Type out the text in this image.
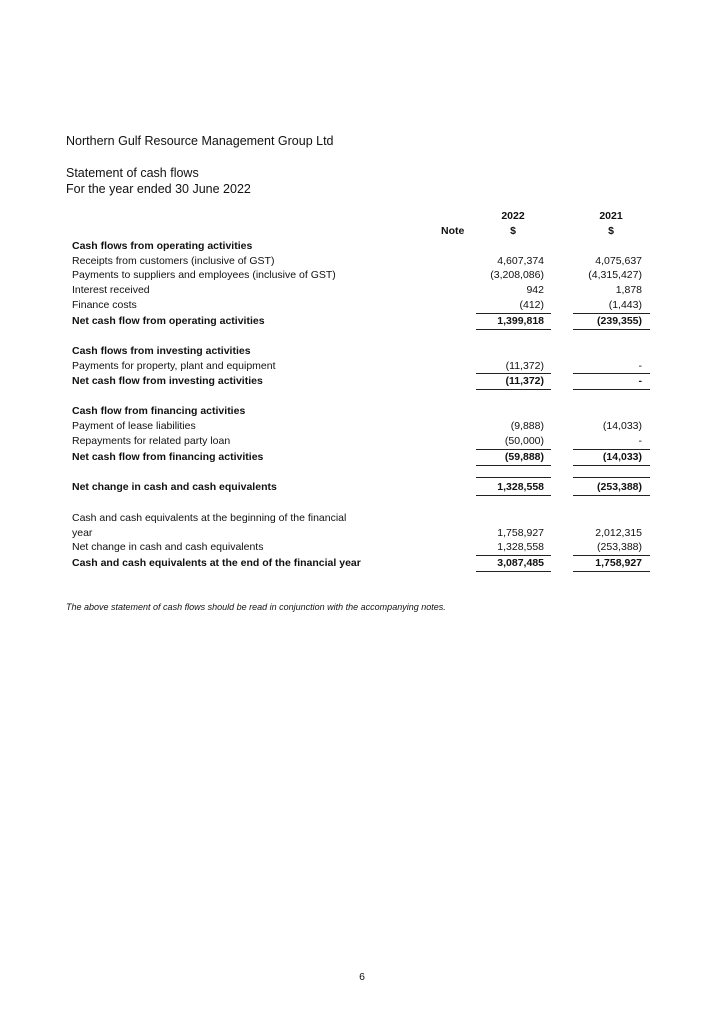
Northern Gulf Resource Management Group Ltd
Statement of cash flows
For the year ended 30 June 2022
2022	2021
Note	$	$
Cash flows from operating activities
Receipts from customers (inclusive of GST)	4,607,374	4,075,637
Payments to suppliers and employees (inclusive of GST)	(3,208,086)	(4,315,427)
Interest received	942	1,878
Finance costs	(412)	(1,443)
Net cash flow from operating activities	1,399,818	(239,355)
Cash flows from investing activities
Payments for property, plant and equipment	(11,372)	-
Net cash flow from investing activities	(11,372)	-
Cash flow from financing activities
Payment of lease liabilities	(9,888)	(14,033)
Repayments for related party loan	(50,000)	-
Net cash flow from financing activities	(59,888)	(14,033)
Net change in cash and cash equivalents	1,328,558	(253,388)
Cash and cash equivalents at the beginning of the financial
year	1,758,927	2,012,315
Net change in cash and cash equivalents	1,328,558	(253,388)
Cash and cash equivalents at the end of the financial year	3,087,485	1,758,927
The above statement of cash flows should be read in conjunction with the accompanying notes.
6
